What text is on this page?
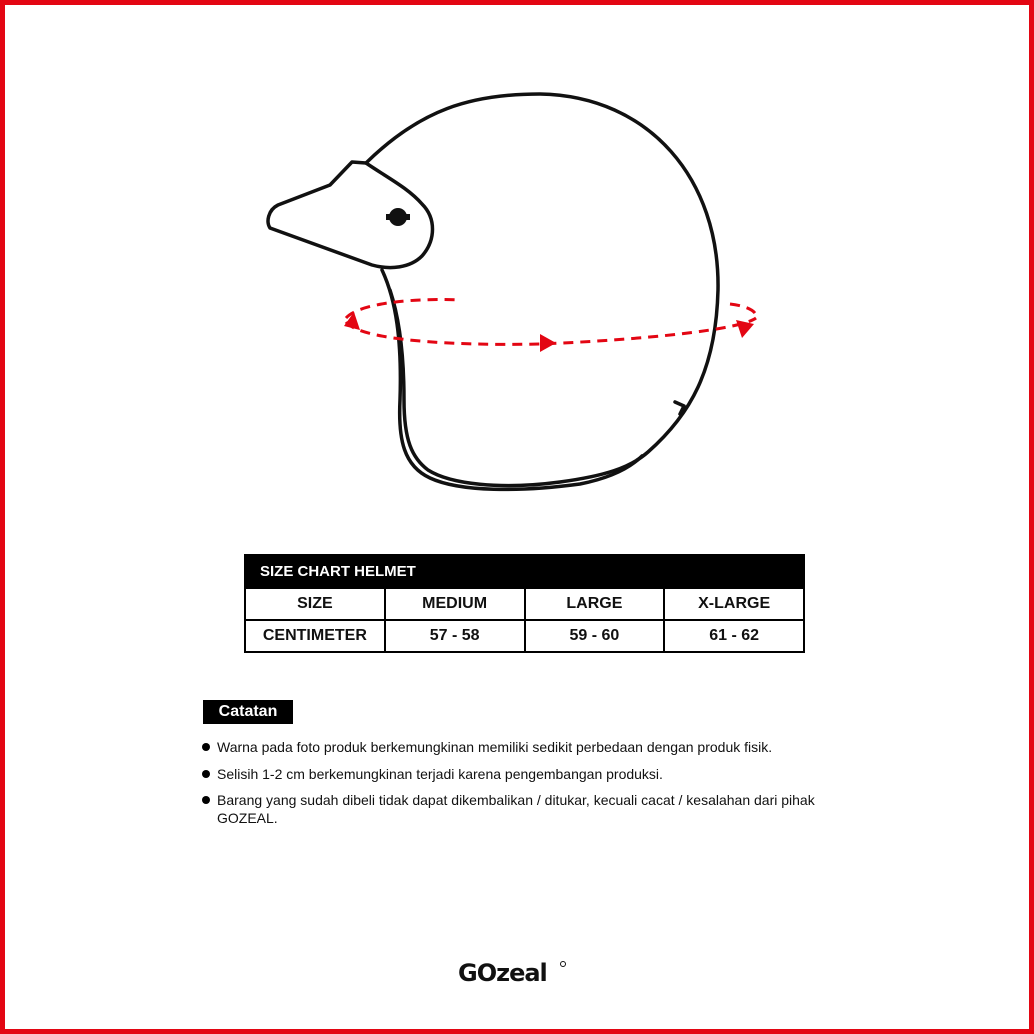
SIZE CHART HELMET			
SIZE	MEDIUM	LARGE	X-LARGE
CENTIMETER	57 - 58	59 - 60	61 - 62
Catatan
Warna pada foto produk berkemungkinan memiliki sedikit perbedaan dengan produk fisik.
Selisih 1-2 cm berkemungkinan terjadi karena pengembangan produksi.
Barang yang sudah dibeli tidak dapat dikembalikan / ditukar, kecuali cacat / kesalahan dari pihak GOZEAL.
GOzeal
